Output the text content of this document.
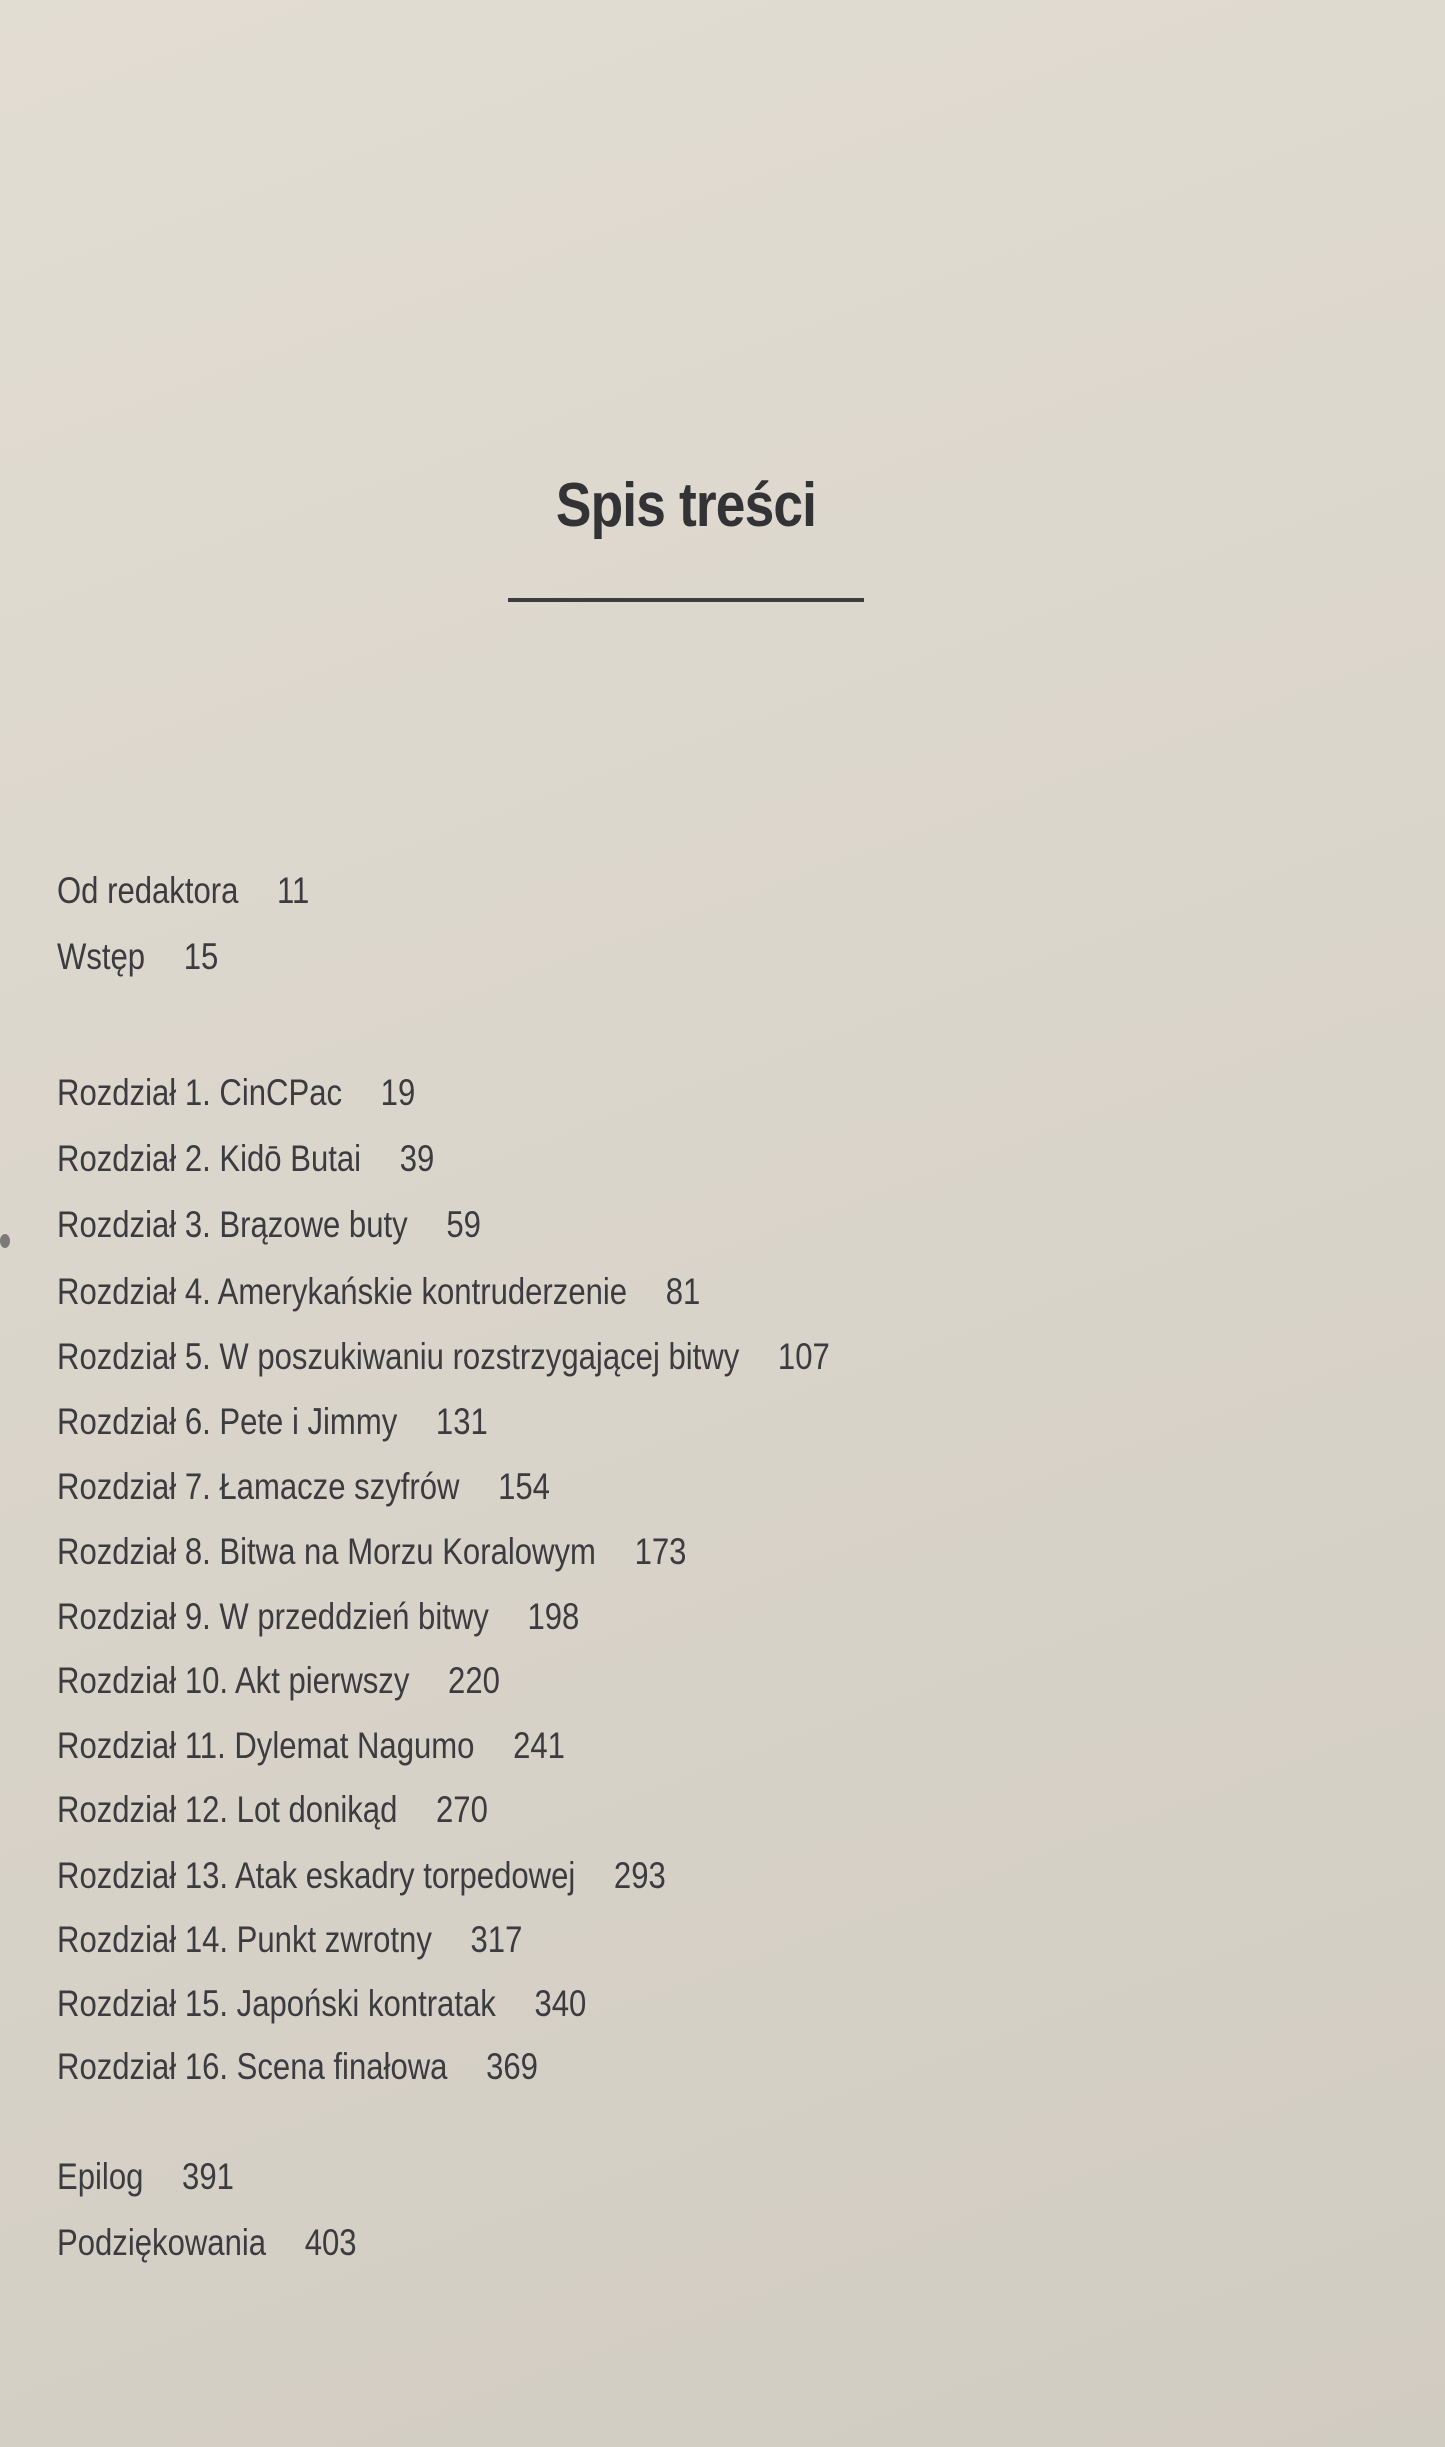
Spis treści
Od redaktora 11
Wstęp 15
Rozdział 1. CinCPac 19
Rozdział 2. Kidō Butai 39
Rozdział 3. Brązowe buty 59
Rozdział 4. Amerykańskie kontruderzenie 81
Rozdział 5. W poszukiwaniu rozstrzygającej bitwy 107
Rozdział 6. Pete i Jimmy 131
Rozdział 7. Łamacze szyfrów 154
Rozdział 8. Bitwa na Morzu Koralowym 173
Rozdział 9. W przeddzień bitwy 198
Rozdział 10. Akt pierwszy 220
Rozdział 11. Dylemat Nagumo 241
Rozdział 12. Lot donikąd 270
Rozdział 13. Atak eskadry torpedowej 293
Rozdział 14. Punkt zwrotny 317
Rozdział 15. Japoński kontratak 340
Rozdział 16. Scena finałowa 369
Epilog 391
Podziękowania 403
